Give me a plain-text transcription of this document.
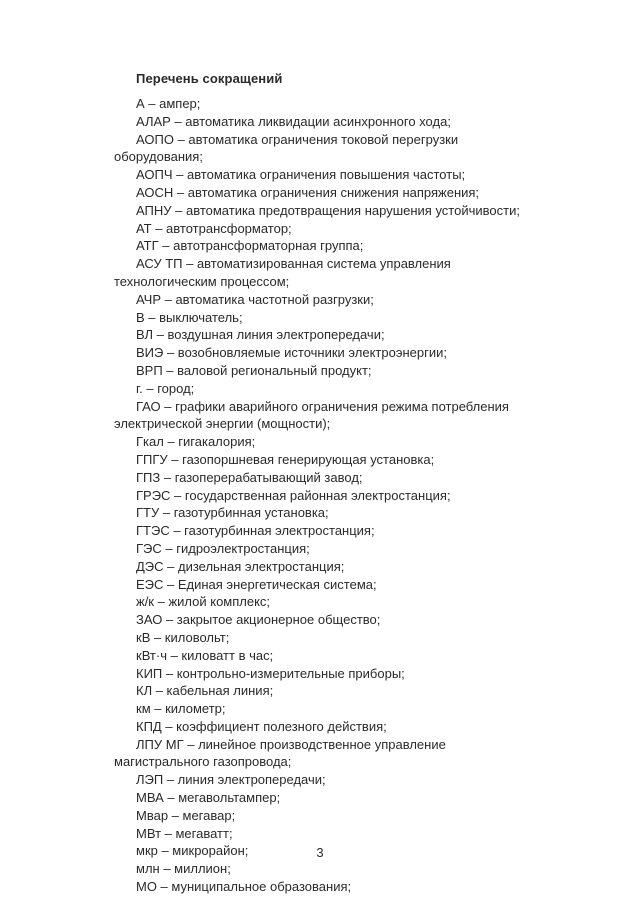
Перечень сокращений
А – ампер;
АЛАР – автоматика ликвидации асинхронного хода;
АОПО – автоматика ограничения токовой перегрузки оборудования;
АОПЧ – автоматика ограничения повышения частоты;
АОСН – автоматика ограничения снижения напряжения;
АПНУ – автоматика предотвращения нарушения устойчивости;
АТ – автотрансформатор;
АТГ – автотрансформаторная группа;
АСУ ТП – автоматизированная система управления технологическим процессом;
АЧР – автоматика частотной разгрузки;
В – выключатель;
ВЛ – воздушная линия электропередачи;
ВИЭ – возобновляемые источники электроэнергии;
ВРП – валовой региональный продукт;
г. – город;
ГАО – графики аварийного ограничения режима потребления электрической энергии (мощности);
Гкал – гигакалория;
ГПГУ – газопоршневая генерирующая установка;
ГПЗ – газоперерабатывающий завод;
ГРЭС – государственная районная электростанция;
ГТУ – газотурбинная установка;
ГТЭС – газотурбинная электростанция;
ГЭС – гидроэлектростанция;
ДЭС – дизельная электростанция;
ЕЭС – Единая энергетическая система;
ж/к – жилой комплекс;
ЗАО – закрытое акционерное общество;
кВ – киловольт;
кВт·ч – киловатт в час;
КИП – контрольно-измерительные приборы;
КЛ – кабельная линия;
км – километр;
КПД – коэффициент полезного действия;
ЛПУ МГ – линейное производственное управление магистрального газопровода;
ЛЭП – линия электропередачи;
МВА – мегавольтампер;
Мвар – мегавар;
МВт – мегаватт;
мкр – микрорайон;
млн – миллион;
МО – муниципальное образования;
3
